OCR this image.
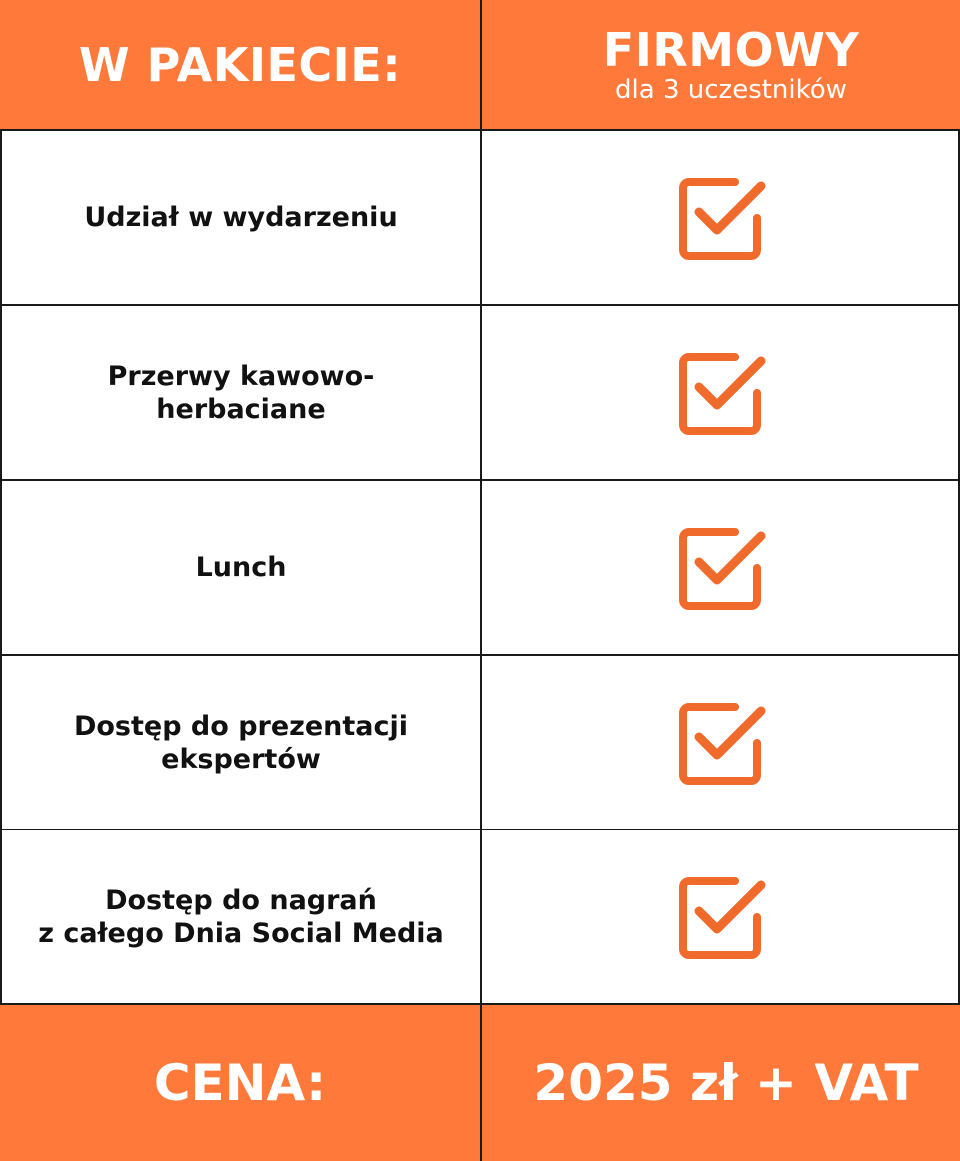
W PAKIECIE:	FIRMOWY
dla 3 uczestników
Udział w wydarzeniu
Przerwy kawowo-herbaciane
Lunch
Dostęp do prezentacji
ekspertów
Dostęp do nagrań
z całego Dnia Social Media
CENA:	2025 zł + VAT
